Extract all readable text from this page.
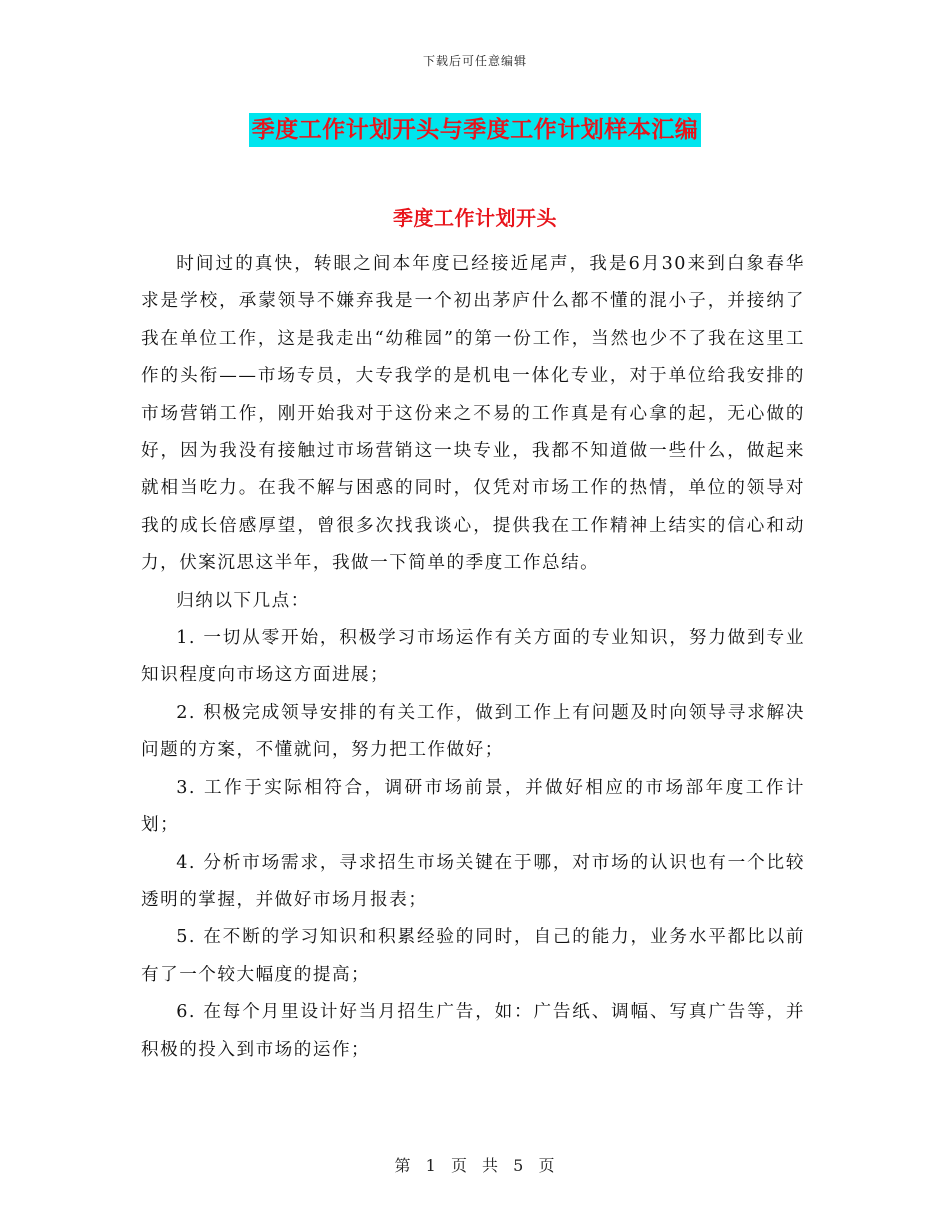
下载后可任意编辑
季度工作计划开头与季度工作计划样本汇编
季度工作计划开头

时间过的真快，转眼之间本年度已经接近尾声，我是6月30来到白象春华求是学校，承蒙领导不嫌弃我是一个初出茅庐什么都不懂的混小子，并接纳了我在单位工作，这是我走出“幼稚园”的第一份工作，当然也少不了我在这里工作的头衔——市场专员，大专我学的是机电一体化专业，对于单位给我安排的市场营销工作，刚开始我对于这份来之不易的工作真是有心拿的起，无心做的好，因为我没有接触过市场营销这一块专业，我都不知道做一些什么，做起来就相当吃力。在我不解与困惑的同时，仅凭对市场工作的热情，单位的领导对我的成长倍感厚望，曾很多次找我谈心，提供我在工作精神上结实的信心和动力，伏案沉思这半年，我做一下简单的季度工作总结。

归纳以下几点：

1. 一切从零开始，积极学习市场运作有关方面的专业知识，努力做到专业知识程度向市场这方面进展；

2. 积极完成领导安排的有关工作，做到工作上有问题及时向领导寻求解决问题的方案，不懂就问，努力把工作做好；

3. 工作于实际相符合，调研市场前景，并做好相应的市场部年度工作计划；

4. 分析市场需求，寻求招生市场关键在于哪，对市场的认识也有一个比较透明的掌握，并做好市场月报表；

5. 在不断的学习知识和积累经验的同时，自己的能力，业务水平都比以前有了一个较大幅度的提高；

6. 在每个月里设计好当月招生广告，如：广告纸、调幅、写真广告等，并积极的投入到市场的运作；

第 1 页 共 5 页
